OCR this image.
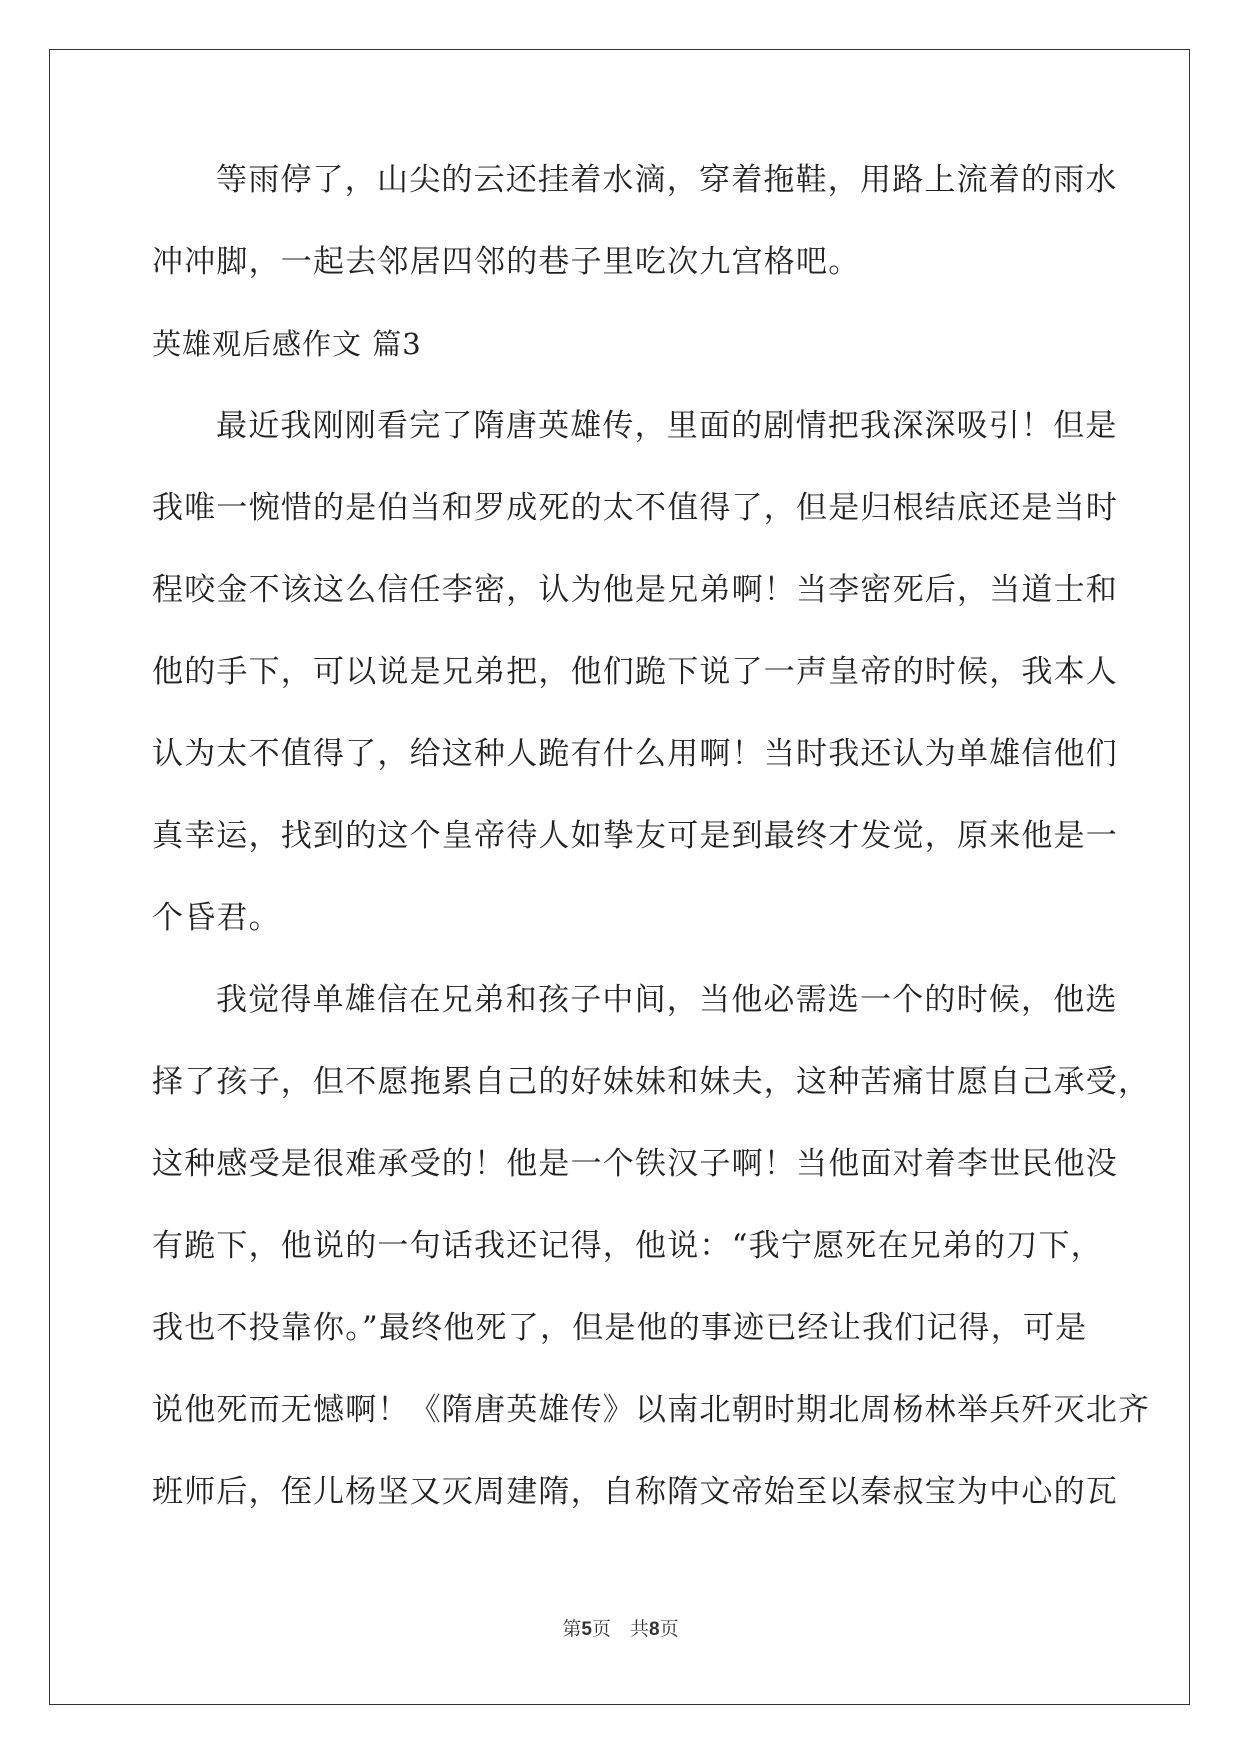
等雨停了，山尖的云还挂着水滴，穿着拖鞋，用路上流着的雨水
冲冲脚，一起去邻居四邻的巷子里吃次九宫格吧。
英雄观后感作文 篇3
最近我刚刚看完了隋唐英雄传，里面的剧情把我深深吸引！但是
我唯一惋惜的是伯当和罗成死的太不值得了，但是归根结底还是当时
程咬金不该这么信任李密，认为他是兄弟啊！当李密死后，当道士和
他的手下，可以说是兄弟把，他们跪下说了一声皇帝的时候，我本人
认为太不值得了，给这种人跪有什么用啊！当时我还认为单雄信他们
真幸运，找到的这个皇帝待人如挚友可是到最终才发觉，原来他是一
个昏君。
我觉得单雄信在兄弟和孩子中间，当他必需选一个的时候，他选
择了孩子，但不愿拖累自己的好妹妹和妹夫，这种苦痛甘愿自己承受，
这种感受是很难承受的！他是一个铁汉子啊！当他面对着李世民他没
有跪下，他说的一句话我还记得，他说：“我宁愿死在兄弟的刀下，
我也不投靠你。”最终他死了，但是他的事迹已经让我们记得，可是
说他死而无憾啊！《隋唐英雄传》以南北朝时期北周杨林举兵歼灭北齐
班师后，侄儿杨坚又灭周建隋，自称隋文帝始至以秦叔宝为中心的瓦
第5页　共8页
